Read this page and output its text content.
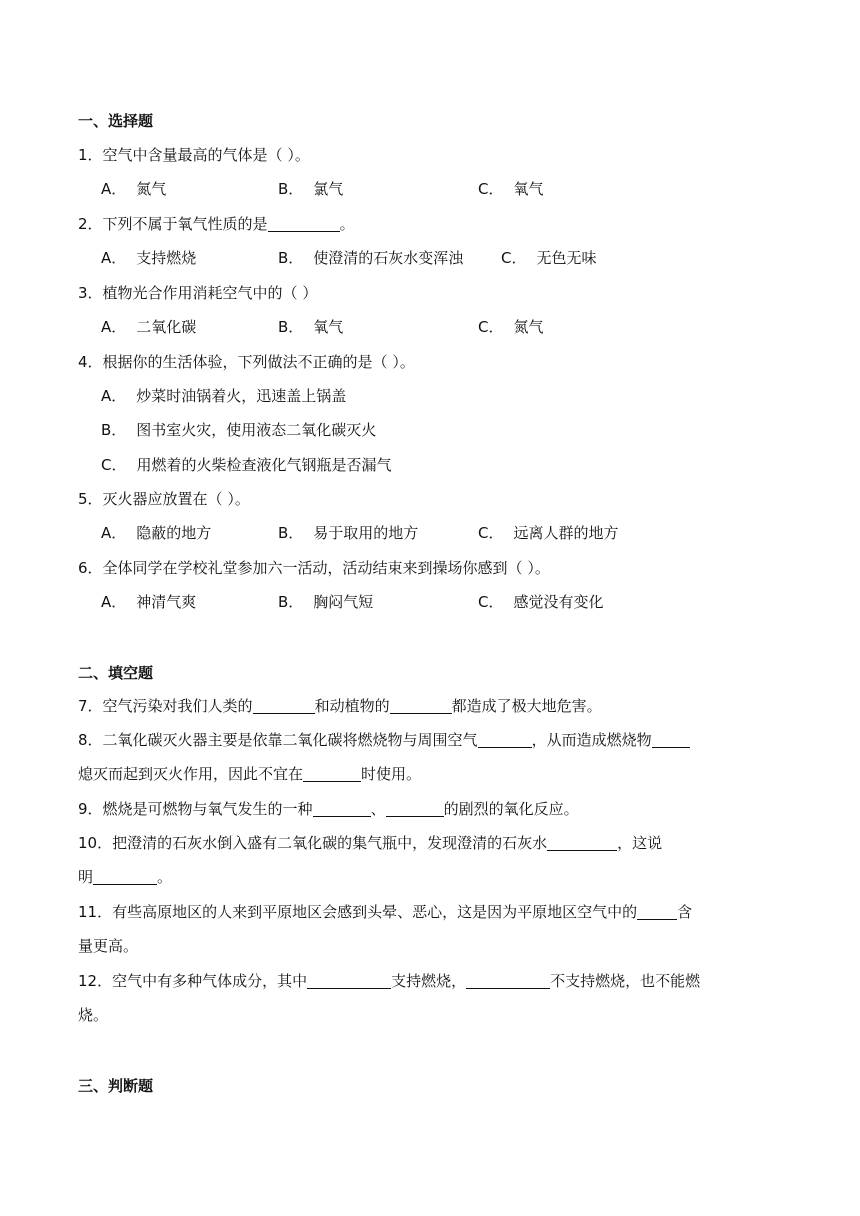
一、选择题
1．空气中含量最高的气体是（ ）。
A． 氮气	B． 氯气	C． 氧气
2．下列不属于氧气性质的是	。
A． 支持燃烧	B． 使澄清的石灰水变浑浊	C． 无色无味
3．植物光合作用消耗空气中的（ ）
A． 二氧化碳	B． 氧气	C． 氮气
4．根据你的生活体验，下列做法不正确的是（ ）。
A． 炒菜时油锅着火，迅速盖上锅盖
B． 图书室火灾，使用液态二氧化碳灭火
C． 用燃着的火柴检查液化气钢瓶是否漏气
5．灭火器应放置在（ ）。
A． 隐蔽的地方	B． 易于取用的地方	C． 远离人群的地方
6．全体同学在学校礼堂参加六一活动，活动结束来到操场你感到（ ）。
A． 神清气爽	B． 胸闷气短	C． 感觉没有变化
二、填空题
7．空气污染对我们人类的	和动植物的	都造成了极大地危害。
8．二氧化碳灭火器主要是依靠二氧化碳将燃烧物与周围空气	，从而造成燃烧物
熄灭而起到灭火作用，因此不宜在	时使用。
9．燃烧是可燃物与氧气发生的一种	、	的剧烈的氧化反应。
10．把澄清的石灰水倒入盛有二氧化碳的集气瓶中，发现澄清的石灰水	，这说
明	。
11．有些高原地区的人来到平原地区会感到头晕、恶心，这是因为平原地区空气中的	含
量更高。
12．空气中有多种气体成分，其中	支持燃烧，	不支持燃烧，也不能燃
烧。
三、判断题
